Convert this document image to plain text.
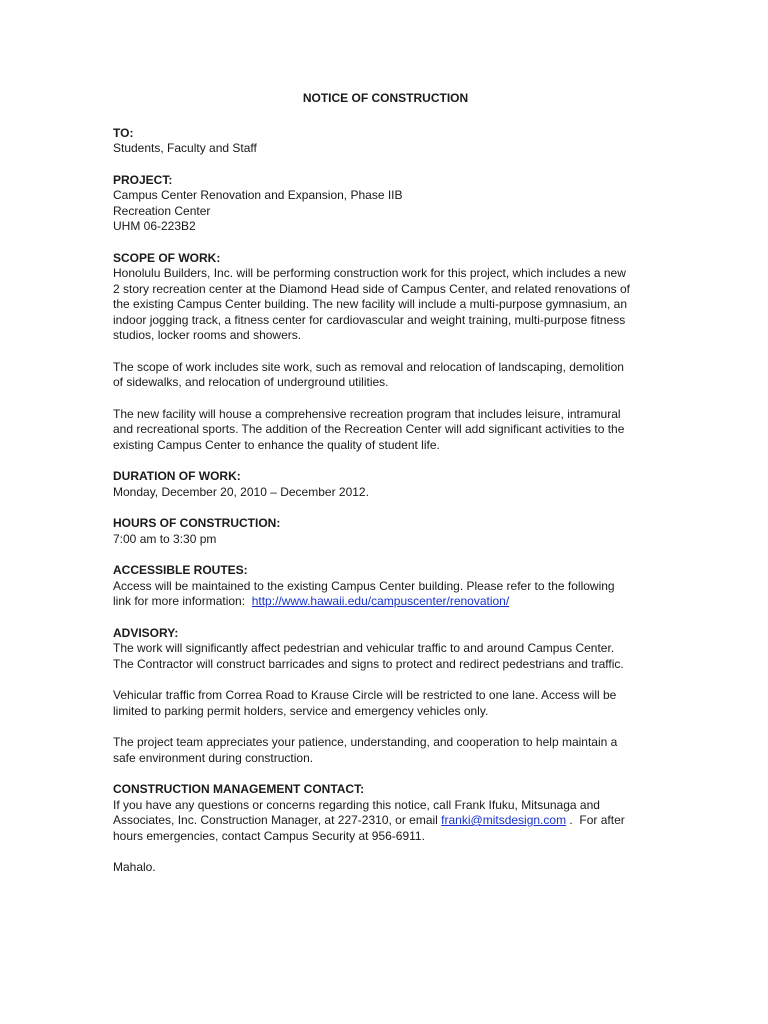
NOTICE OF CONSTRUCTION
TO:
Students, Faculty and Staff
PROJECT:
Campus Center Renovation and Expansion, Phase IIB
Recreation Center
UHM 06-223B2
SCOPE OF WORK:
Honolulu Builders, Inc. will be performing construction work for this project, which includes a new
2 story recreation center at the Diamond Head side of Campus Center, and related renovations of
the existing Campus Center building. The new facility will include a multi-purpose gymnasium, an
indoor jogging track, a fitness center for cardiovascular and weight training, multi-purpose fitness
studios, locker rooms and showers.
The scope of work includes site work, such as removal and relocation of landscaping, demolition
of sidewalks, and relocation of underground utilities.
The new facility will house a comprehensive recreation program that includes leisure, intramural
and recreational sports. The addition of the Recreation Center will add significant activities to the
existing Campus Center to enhance the quality of student life.
DURATION OF WORK:
Monday, December 20, 2010 – December 2012.
HOURS OF CONSTRUCTION:
7:00 am to 3:30 pm
ACCESSIBLE ROUTES:
Access will be maintained to the existing Campus Center building. Please refer to the following
link for more information:  http://www.hawaii.edu/campuscenter/renovation/
ADVISORY:
The work will significantly affect pedestrian and vehicular traffic to and around Campus Center.
The Contractor will construct barricades and signs to protect and redirect pedestrians and traffic.
Vehicular traffic from Correa Road to Krause Circle will be restricted to one lane. Access will be
limited to parking permit holders, service and emergency vehicles only.
The project team appreciates your patience, understanding, and cooperation to help maintain a
safe environment during construction.
CONSTRUCTION MANAGEMENT CONTACT:
If you have any questions or concerns regarding this notice, call Frank Ifuku, Mitsunaga and
Associates, Inc. Construction Manager, at 227-2310, or email franki@mitsdesign.com .  For after
hours emergencies, contact Campus Security at 956-6911.
Mahalo.
